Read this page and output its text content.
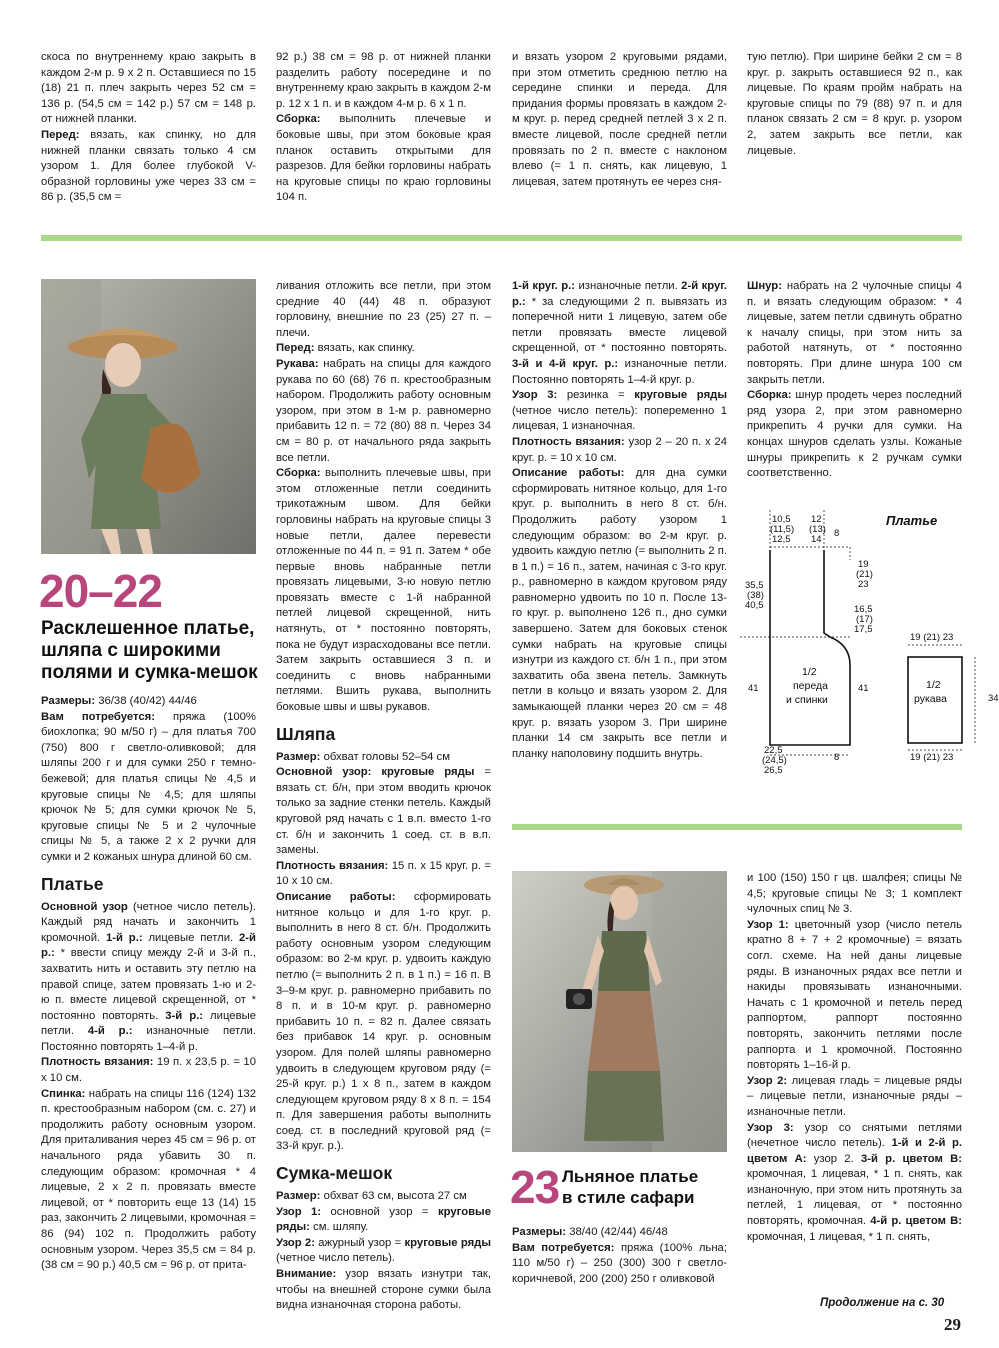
скоса по внутреннему краю закрыть в каждом 2-м р. 9 х 2 п. Оставшиеся по 15 (18) 21 п. плеч закрыть через 52 см = 136 р. (54,5 см = 142 р.) 57 см = 148 р. от нижней планки.

Перед: вязать, как спинку, но для нижней планки связать только 4 см узором 1. Для более глубокой V-образной горловины уже через 33 см = 86 р. (35,5 см =

92 р.) 38 см = 98 р. от нижней планки разделить работу посередине и по внутреннему краю закрыть в каждом 2-м р. 12 х 1 п. и в каждом 4-м р. 6 х 1 п.

Сборка: выполнить плечевые и боковые швы, при этом боковые края планок оставить открытыми для разрезов. Для бейки горловины набрать на круговые спицы по краю горловины 104 п.

и вязать узором 2 круговыми рядами, при этом отметить среднюю петлю на середине спинки и переда. Для придания формы провязать в каждом 2-м круг. р. перед средней петлей 3 х 2 п. вместе лицевой, после средней петли провязать по 2 п. вместе с наклоном влево (= 1 п. снять, как лицевую, 1 лицевая, затем протянуть ее через сня-

тую петлю). При ширине бейки 2 см = 8 круг. р. закрыть оставшиеся 92 п., как лицевые. По краям пройм набрать на круговые спицы по 79 (88) 97 п. и для планок связать 2 см = 8 круг. р. узором 2, затем закрыть все петли, как лицевые.

20–22
Расклешенное платье, шляпа с широкими полями и сумка-мешок

Размеры: 36/38 (40/42) 44/46

Вам потребуется: пряжа (100% биохлопка; 90 м/50 г) – для платья 700 (750) 800 г светло-оливковой; для шляпы 200 г и для сумки 250 г темно-бежевой; для платья спицы № 4,5 и круговые спицы № 4,5; для шляпы крючок № 5; для сумки крючок № 5, круговые спицы № 5 и 2 чулочные спицы № 5, а также 2 х 2 ручки для сумки и 2 кожаных шнура длиной 60 см.

Платье

Основной узор (четное число петель). Каждый ряд начать и закончить 1 кромочной. 1-й р.: лицевые петли. 2-й р.: * ввести спицу между 2-й и 3-й п., захватить нить и оставить эту петлю на правой спице, затем провязать 1-ю и 2-ю п. вместе лицевой скрещенной, от * постоянно повторять. 3-й р.: лицевые петли. 4-й р.: изнаночные петли. Постоянно повторять 1–4-й р.

Плотность вязания: 19 п. х 23,5 р. = 10 х 10 см.

Спинка: набрать на спицы 116 (124) 132 п. крестообразным набором (см. с. 27) и продолжить работу основным узором. Для приталивания через 45 см = 96 р. от начального ряда убавить 30 п. следующим образом: кромочная * 4 лицевые, 2 х 2 п. провязать вместе лицевой, от * повторить еще 13 (14) 15 раз, закончить 2 лицевыми, кромочная = 86 (94) 102 п. Продолжить работу основным узором. Через 35,5 см = 84 р. (38 см = 90 р.) 40,5 см = 96 р. от прита-

ливания отложить все петли, при этом средние 40 (44) 48 п. образуют горловину, внешние по 23 (25) 27 п. – плечи.

Перед: вязать, как спинку.

Рукава: набрать на спицы для каждого рукава по 60 (68) 76 п. крестообразным набором. Продолжить работу основным узором, при этом в 1-м р. равномерно прибавить 12 п. = 72 (80) 88 п. Через 34 см = 80 р. от начального ряда закрыть все петли.

Сборка: выполнить плечевые швы, при этом отложенные петли соединить трикотажным швом. Для бейки горловины набрать на круговые спицы 3 новые петли, далее перевести отложенные по 44 п. = 91 п. Затем * обе первые вновь набранные петли провязать лицевыми, 3-ю новую петлю провязать вместе с 1-й набранной петлей лицевой скрещенной, нить натянуть, от * постоянно повторять, пока не будут израсходованы все петли. Затем закрыть оставшиеся 3 п. и соединить с вновь набранными петлями. Вшить рукава, выполнить боковые швы и швы рукавов.

Шляпа

Размер: обхват головы 52–54 см

Основной узор: круговые ряды = вязать ст. б/н, при этом вводить крючок только за задние стенки петель. Каждый круговой ряд начать с 1 в.п. вместо 1-го ст. б/н и закончить 1 соед. ст. в в.п. замены.

Плотность вязания: 15 п. х 15 круг. р. = 10 х 10 см.

Описание работы: сформировать нитяное кольцо и для 1-го круг. р. выполнить в него 8 ст. б/н. Продолжить работу основным узором следующим образом: во 2-м круг. р. удвоить каждую петлю (= выполнить 2 п. в 1 п.) = 16 п. В 3–9-м круг. р. равномерно прибавить по 8 п. и в 10-м круг. р. равномерно прибавить 10 п. = 82 п. Далее связать без прибавок 14 круг. р. основным узором. Для полей шляпы равномерно удвоить в следующем круговом ряду (= 25-й круг. р.) 1 х 8 п., затем в каждом следующем круговом ряду 8 х 8 п. = 154 п. Для завершения работы выполнить соед. ст. в последний круговой ряд (= 33-й круг. р.).

Сумка-мешок

Размер: обхват 63 см, высота 27 см

Узор 1: основной узор = круговые ряды: см. шляпу.

Узор 2: ажурный узор = круговые ряды (четное число петель).

Внимание: узор вязать изнутри так, чтобы на внешней стороне сумки была видна изнаночная сторона работы.

1-й круг. р.: изнаночные петли. 2-й круг. р.: * за следующими 2 п. вывязать из поперечной нити 1 лицевую, затем обе петли провязать вместе лицевой скрещенной, от * постоянно повторять. 3-й и 4-й круг. р.: изнаночные петли. Постоянно повторять 1–4-й круг. р.

Узор 3: резинка = круговые ряды (четное число петель): попеременно 1 лицевая, 1 изнаночная.

Плотность вязания: узор 2 – 20 п. х 24 круг. р. = 10 х 10 см.

Описание работы: для дна сумки сформировать нитяное кольцо, для 1-го круг. р. выполнить в него 8 ст. б/н. Продолжить работу узором 1 следующим образом: во 2-м круг. р. удвоить каждую петлю (= выполнить 2 п. в 1 п.) = 16 п., затем, начиная с 3-го круг. р., равномерно в каждом круговом ряду равномерно удвоить по 10 п. После 13-го круг. р. выполнено 126 п., дно сумки завершено. Затем для боковых стенок сумки набрать на круговые спицы изнутри из каждого ст. б/н 1 п., при этом захватить оба звена петель. Замкнуть петли в кольцо и вязать узором 2. Для замыкающей планки через 20 см = 48 круг. р. вязать узором 3. При ширине планки 14 см закрыть все петли и планку наполовину подшить внутрь.

Шнур: набрать на 2 чулочные спицы 4 п. и вязать следующим образом: * 4 лицевые, затем петли сдвинуть обратно к началу спицы, при этом нить за работой натянуть, от * постоянно повторять. При длине шнура 100 см закрыть петли.

Сборка: шнур продеть через последний ряд узора 2, при этом равномерно прикрепить 4 ручки для сумки. На концах шнуров сделать узлы. Кожаные шнуры прикрепить к 2 ручкам сумки соответственно.

Платье
10,5
(11,5)
12,5
12
(13)
14
8
35,5
(38)
40,5
19
(21)
23
16,5
(17)
17,5
41	41
1/2
переда
и спинки
22,5
(24,5)
26,5
8
19 (21) 23
19 (21) 23
1/2
рукава	34
23 Льняное платье
в стиле сафари

Размеры: 38/40 (42/44) 46/48

Вам потребуется: пряжа (100% льна; 110 м/50 г) – 250 (300) 300 г светло-коричневой, 200 (200) 250 г оливковой

и 100 (150) 150 г цв. шалфея; спицы № 4,5; круговые спицы № 3; 1 комплект чулочных спиц № 3.

Узор 1: цветочный узор (число петель кратно 8 + 7 + 2 кромочные) = вязать согл. схеме. На ней даны лицевые ряды. В изнаночных рядах все петли и накиды провязывать изнаночными. Начать с 1 кромочной и петель перед раппортом, раппорт постоянно повторять, закончить петлями после раппорта и 1 кромочной. Постоянно повторять 1–16-й р.

Узор 2: лицевая гладь = лицевые ряды – лицевые петли, изнаночные ряды – изнаночные петли.

Узор 3: узор со снятыми петлями (нечетное число петель). 1-й и 2-й р. цветом А: узор 2. 3-й р. цветом В: кромочная, 1 лицевая, * 1 п. снять, как изнаночную, при этом нить протянуть за петлей, 1 лицевая, от * постоянно повторять, кромочная. 4-й р. цветом В: кромочная, 1 лицевая, * 1 п. снять,

Продолжение на с. 30
29
